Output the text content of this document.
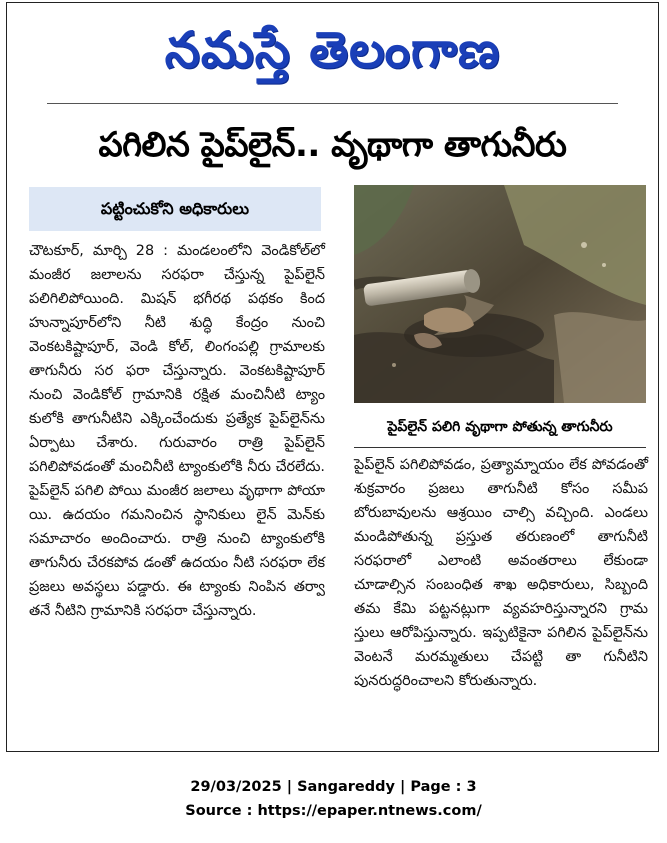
నమస్తే తెలంగాణ
పగిలిన పైప్‌లైన్.. వృథాగా తాగునీరు
పట్టించుకోని అధికారులు

చౌటకూర్, మార్చి 28 : మండలంలోని వెండికోల్‌లో మంజీర జలాలను సరఫరా చేస్తున్న పైప్‌లైన్ పలిగిలిపోయింది. మిషన్ భగీరథ పథకం కింద హున్నాపూర్‌లోని నీటి శుద్ధి కేంద్రం నుంచి వెంకటకిష్టాపూర్, వెండి కోల్, లింగంపల్లి గ్రామాలకు తాగునీరు సర ఫరా చేస్తున్నారు. వెంకటకిష్టాపూర్ నుంచి వెండికోల్ గ్రామానికి రక్షిత మంచినీటి ట్యాం కులోకి తాగునీటిని ఎక్కించేందుకు ప్రత్యేక పైప్‌లైన్‌ను ఏర్పాటు చేశారు. గురువారం రాత్రి పైప్‌లైన్ పగిలిపోవడంతో మంచినీటి ట్యాంకులోకి నీరు చేరలేదు. పైప్‌లైన్ పగిలి పోయి మంజీర జలాలు వృథాగా పోయా యి. ఉదయం గమనించిన స్థానికులు లైన్ మెన్‌కు సమాచారం అందించారు. రాత్రి నుంచి ట్యాంకులోకి తాగునీరు చేరకపోవ డంతో ఉదయం నీటి సరఫరా లేక ప్రజలు అవస్థలు పడ్డారు. ఈ ట్యాంకు నింపిన తర్వా తనే నీటిని గ్రామానికి సరఫరా చేస్తున్నారు.

పైప్‌లైన్ పలిగి వృథాగా పోతున్న తాగునీరు

పైప్‌లైన్ పగిలిపోవడం, ప్రత్యామ్నాయం లేక పోవడంతో శుక్రవారం ప్రజలు తాగునీటి కోసం సమీప బోరుబావులను ఆశ్రయిం చాల్సి వచ్చింది. ఎండలు మండిపోతున్న ప్రస్తుత తరుణంలో తాగునీటి సరఫరాలో ఎలాంటి అవంతరాలు లేకుండా చూడాల్సిన సంబంధిత శాఖ అధికారులు, సిబ్బంది తమ కేమి పట్టనట్లుగా వ్యవహరిస్తున్నారని గ్రామ స్తులు ఆరోపిస్తున్నారు. ఇప్పటికైనా పగిలిన పైప్‌లైన్‌ను వెంటనే మరమ్మతులు చేపట్టి తా గునీటిని పునరుద్ధరించాలని కోరుతున్నారు.

29/03/2025 | Sangareddy | Page : 3
Source : https://epaper.ntnews.com/
